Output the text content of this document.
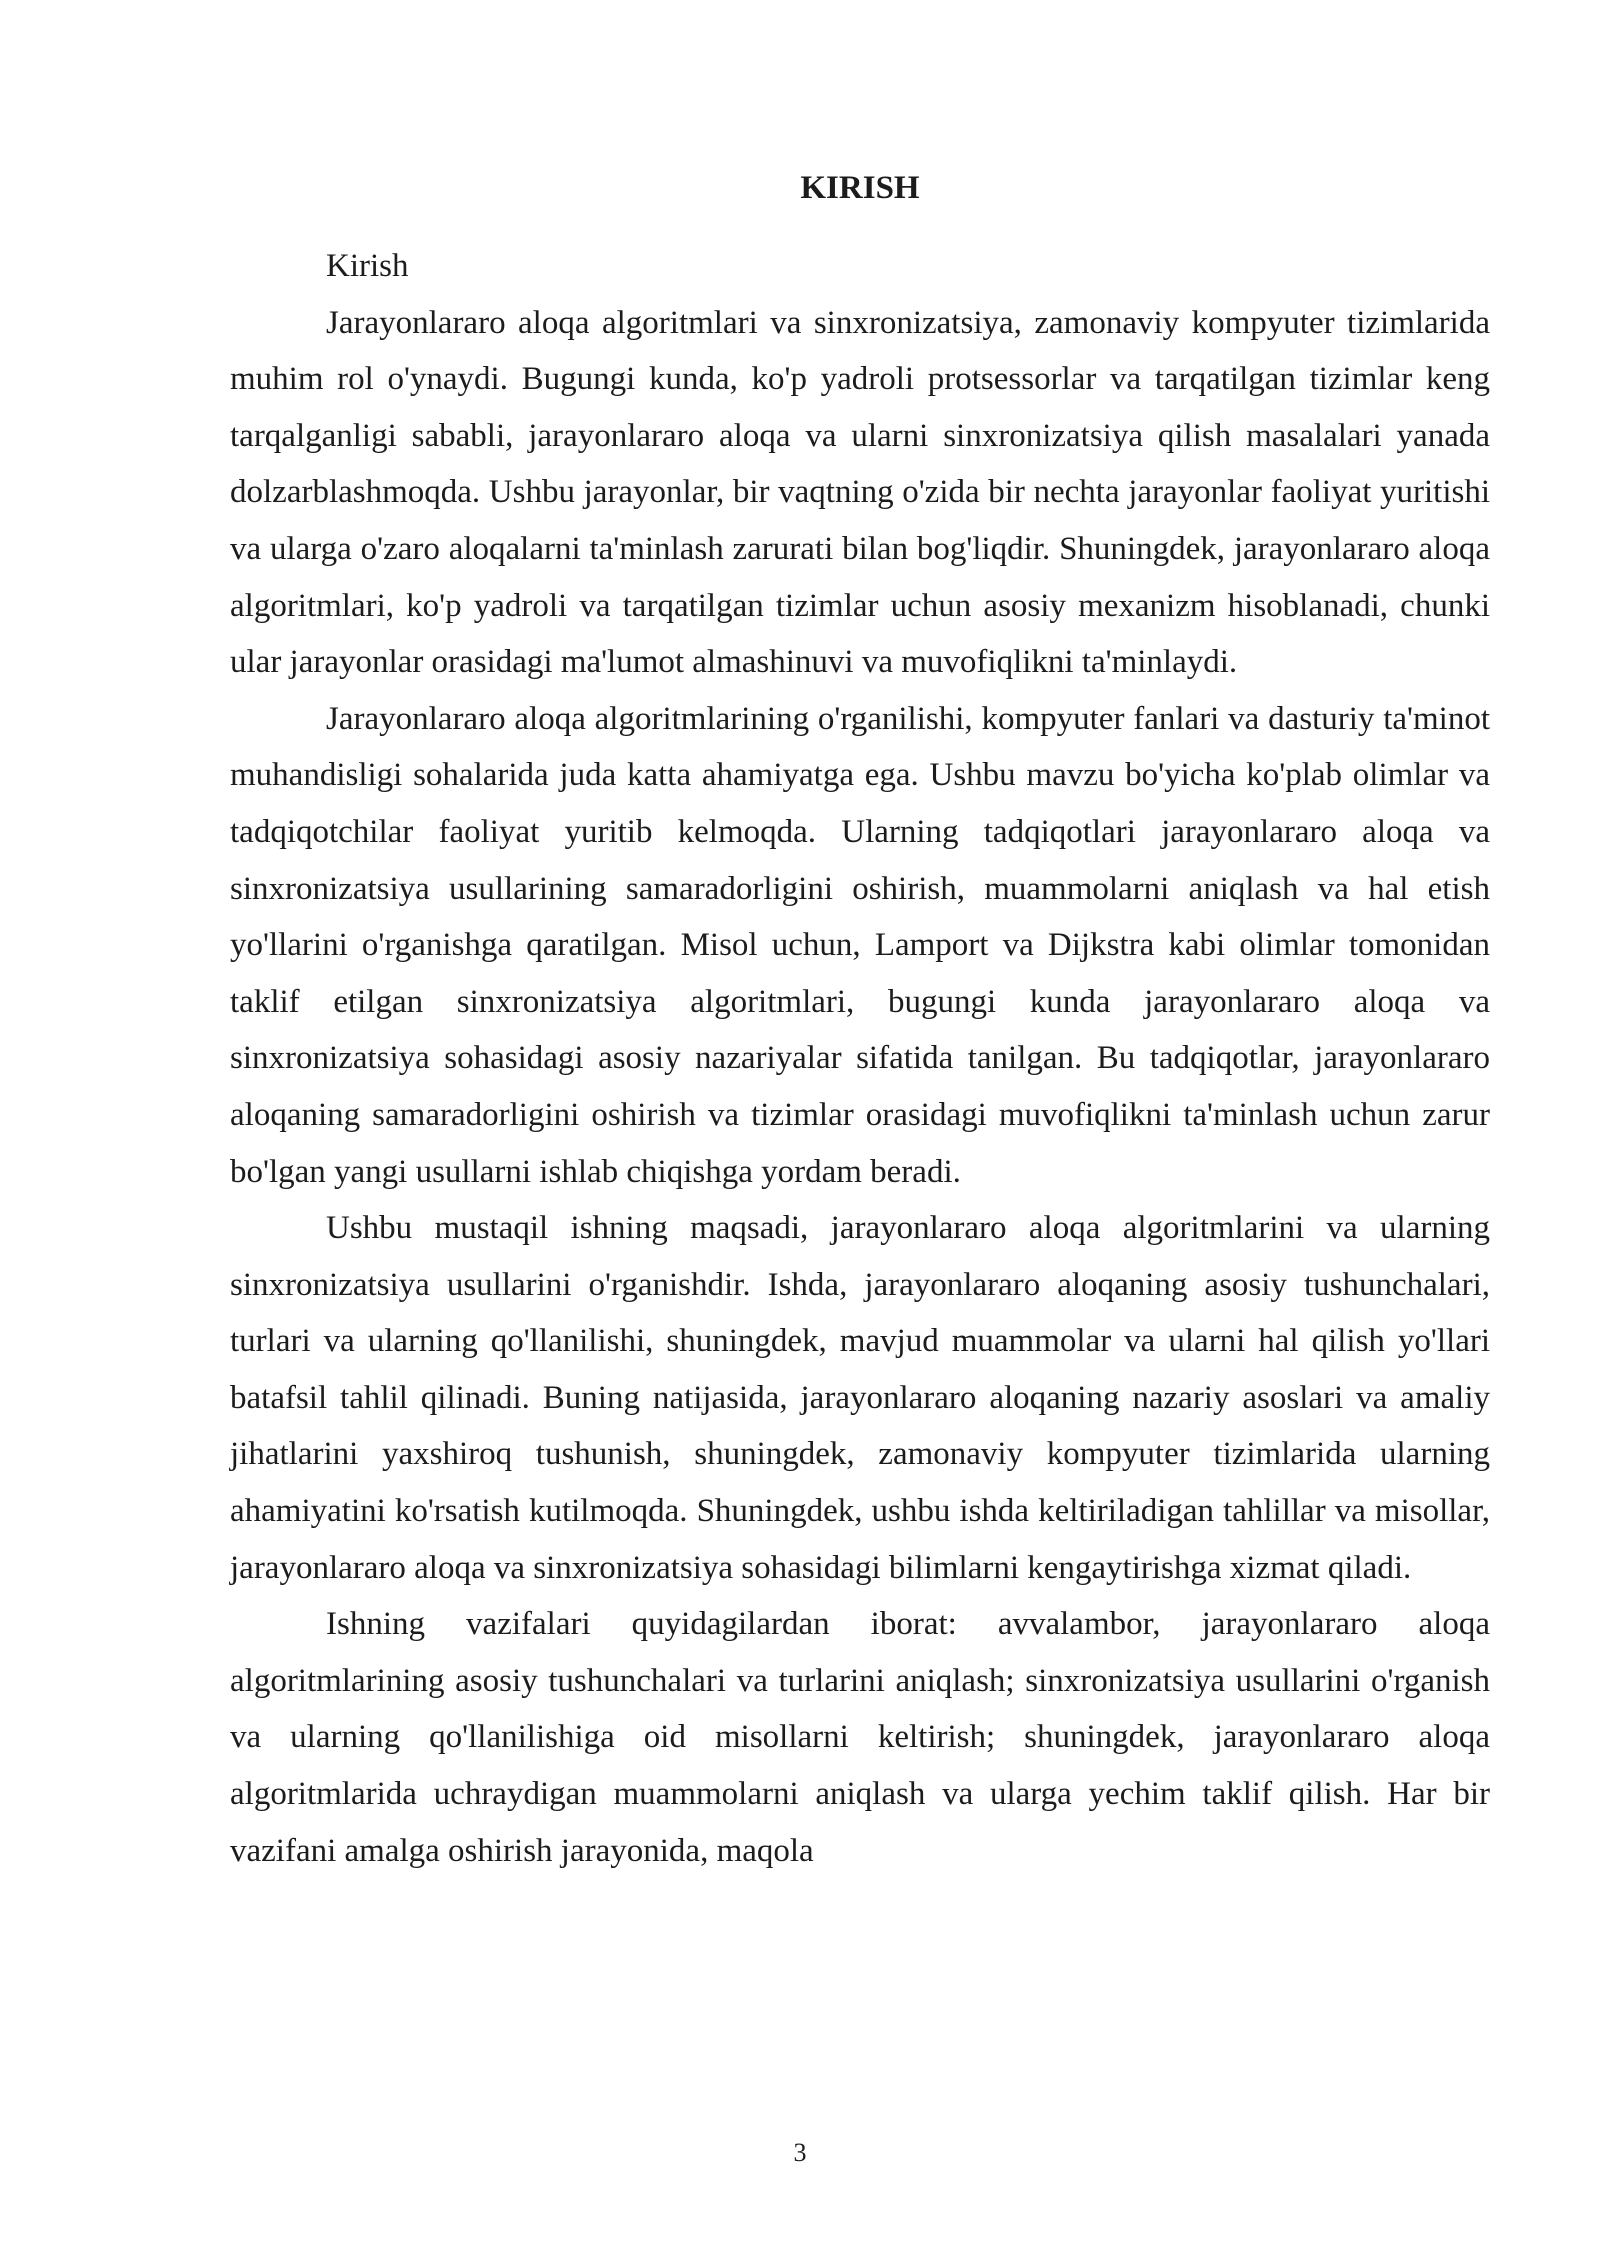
KIRISH

Kirish

Jarayonlararo aloqa algoritmlari va sinxronizatsiya, zamonaviy kompyuter tizimlarida muhim rol o'ynaydi. Bugungi kunda, ko'p yadroli protsessorlar va tarqatilgan tizimlar keng tarqalganligi sababli, jarayonlararo aloqa va ularni sinxronizatsiya qilish masalalari yanada dolzarblashmoqda. Ushbu jarayonlar, bir vaqtning o'zida bir nechta jarayonlar faoliyat yuritishi va ularga o'zaro aloqalarni ta'minlash zarurati bilan bog'liqdir. Shuningdek, jarayonlararo aloqa algoritmlari, ko'p yadroli va tarqatilgan tizimlar uchun asosiy mexanizm hisoblanadi, chunki ular jarayonlar orasidagi ma'lumot almashinuvi va muvofiqlikni ta'minlaydi.

Jarayonlararo aloqa algoritmlarining o'rganilishi, kompyuter fanlari va dasturiy ta'minot muhandisligi sohalarida juda katta ahamiyatga ega. Ushbu mavzu bo'yicha ko'plab olimlar va tadqiqotchilar faoliyat yuritib kelmoqda. Ularning tadqiqotlari jarayonlararo aloqa va sinxronizatsiya usullarining samaradorligini oshirish, muammolarni aniqlash va hal etish yo'llarini o'rganishga qaratilgan. Misol uchun, Lamport va Dijkstra kabi olimlar tomonidan taklif etilgan sinxronizatsiya algoritmlari, bugungi kunda jarayonlararo aloqa va sinxronizatsiya sohasidagi asosiy nazariyalar sifatida tanilgan. Bu tadqiqotlar, jarayonlararo aloqaning samaradorligini oshirish va tizimlar orasidagi muvofiqlikni ta'minlash uchun zarur bo'lgan yangi usullarni ishlab chiqishga yordam beradi.

Ushbu mustaqil ishning maqsadi, jarayonlararo aloqa algoritmlarini va ularning sinxronizatsiya usullarini o'rganishdir. Ishda, jarayonlararo aloqaning asosiy tushunchalari, turlari va ularning qo'llanilishi, shuningdek, mavjud muammolar va ularni hal qilish yo'llari batafsil tahlil qilinadi. Buning natijasida, jarayonlararo aloqaning nazariy asoslari va amaliy jihatlarini yaxshiroq tushunish, shuningdek, zamonaviy kompyuter tizimlarida ularning ahamiyatini ko'rsatish kutilmoqda. Shuningdek, ushbu ishda keltiriladigan tahlillar va misollar, jarayonlararo aloqa va sinxronizatsiya sohasidagi bilimlarni kengaytirishga xizmat qiladi.

Ishning vazifalari quyidagilardan iborat: avvalambor, jarayonlararo aloqa algoritmlarining asosiy tushunchalari va turlarini aniqlash; sinxronizatsiya usullarini o'rganish va ularning qo'llanilishiga oid misollarni keltirish; shuningdek, jarayonlararo aloqa algoritmlarida uchraydigan muammolarni aniqlash va ularga yechim taklif qilish. Har bir vazifani amalga oshirish jarayonida, maqola

3
